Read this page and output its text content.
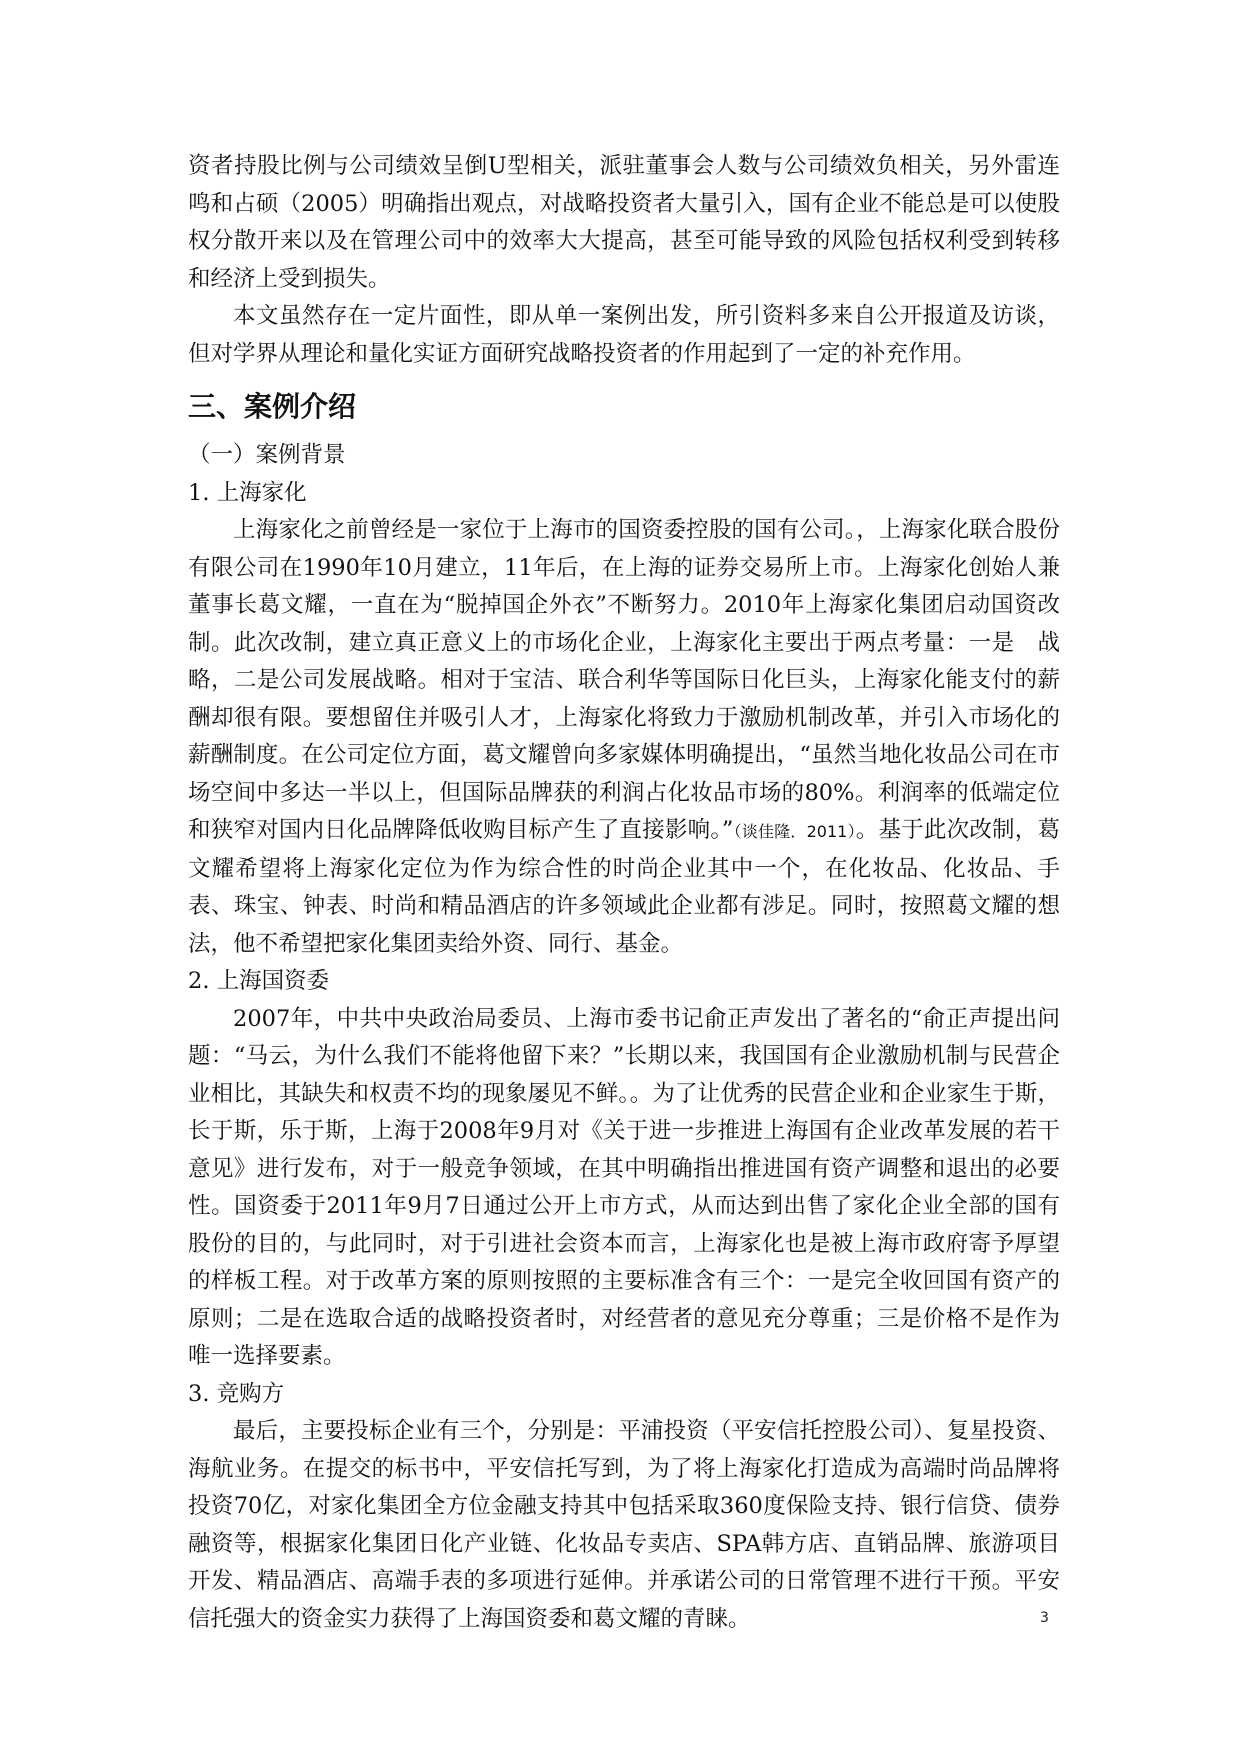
资者持股比例与公司绩效呈倒U型相关，派驻董事会人数与公司绩效负相关，另外雷连鸣和占硕（2005）明确指出观点，对战略投资者大量引入，国有企业不能总是可以使股权分散开来以及在管理公司中的效率大大提高，甚至可能导致的风险包括权利受到转移和经济上受到损失。

本文虽然存在一定片面性，即从单一案例出发，所引资料多来自公开报道及访谈，但对学界从理论和量化实证方面研究战略投资者的作用起到了一定的补充作用。

三、案例介绍

（一）案例背景

1. 上海家化

上海家化之前曾经是一家位于上海市的国资委控股的国有公司。，上海家化联合股份有限公司在1990年10月建立，11年后，在上海的证券交易所上市。上海家化创始人兼董事长葛文耀，一直在为“脱掉国企外衣”不断努力。2010年上海家化集团启动国资改制。此次改制，建立真正意义上的市场化企业，上海家化主要出于两点考量：一是　战略，二是公司发展战略。相对于宝洁、联合利华等国际日化巨头，上海家化能支付的薪酬却很有限。要想留住并吸引人才，上海家化将致力于激励机制改革，并引入市场化的薪酬制度。在公司定位方面，葛文耀曾向多家媒体明确提出，“虽然当地化妆品公司在市场空间中多达一半以上，但国际品牌获的利润占化妆品市场的80%。利润率的低端定位和狭窄对国内日化品牌降低收购目标产生了直接影响。”（谈佳隆．2011）。基于此次改制，葛文耀希望将上海家化定位为作为综合性的时尚企业其中一个，在化妆品、化妆品、手表、珠宝、钟表、时尚和精品酒店的许多领域此企业都有涉足。同时，按照葛文耀的想法，他不希望把家化集团卖给外资、同行、基金。

2. 上海国资委

2007年，中共中央政治局委员、上海市委书记俞正声发出了著名的“俞正声提出问题：“马云，为什么我们不能将他留下来？”长期以来，我国国有企业激励机制与民营企业相比，其缺失和权责不均的现象屡见不鲜。。为了让优秀的民营企业和企业家生于斯，长于斯，乐于斯，上海于2008年9月对《关于进一步推进上海国有企业改革发展的若干意见》进行发布，对于一般竞争领域，在其中明确指出推进国有资产调整和退出的必要性。国资委于2011年9月7日通过公开上市方式，从而达到出售了家化企业全部的国有股份的目的，与此同时，对于引进社会资本而言，上海家化也是被上海市政府寄予厚望的样板工程。对于改革方案的原则按照的主要标准含有三个：一是完全收回国有资产的原则；二是在选取合适的战略投资者时，对经营者的意见充分尊重；三是价格不是作为唯一选择要素。

3. 竞购方

最后，主要投标企业有三个，分别是：平浦投资（平安信托控股公司）、复星投资、海航业务。在提交的标书中，平安信托写到，为了将上海家化打造成为高端时尚品牌将投资70亿，对家化集团全方位金融支持其中包括采取360度保险支持、银行信贷、债券融资等，根据家化集团日化产业链、化妆品专卖店、SPA韩方店、直销品牌、旅游项目开发、精品酒店、高端手表的多项进行延伸。并承诺公司的日常管理不进行干预。平安信托强大的资金实力获得了上海国资委和葛文耀的青睐。	3
